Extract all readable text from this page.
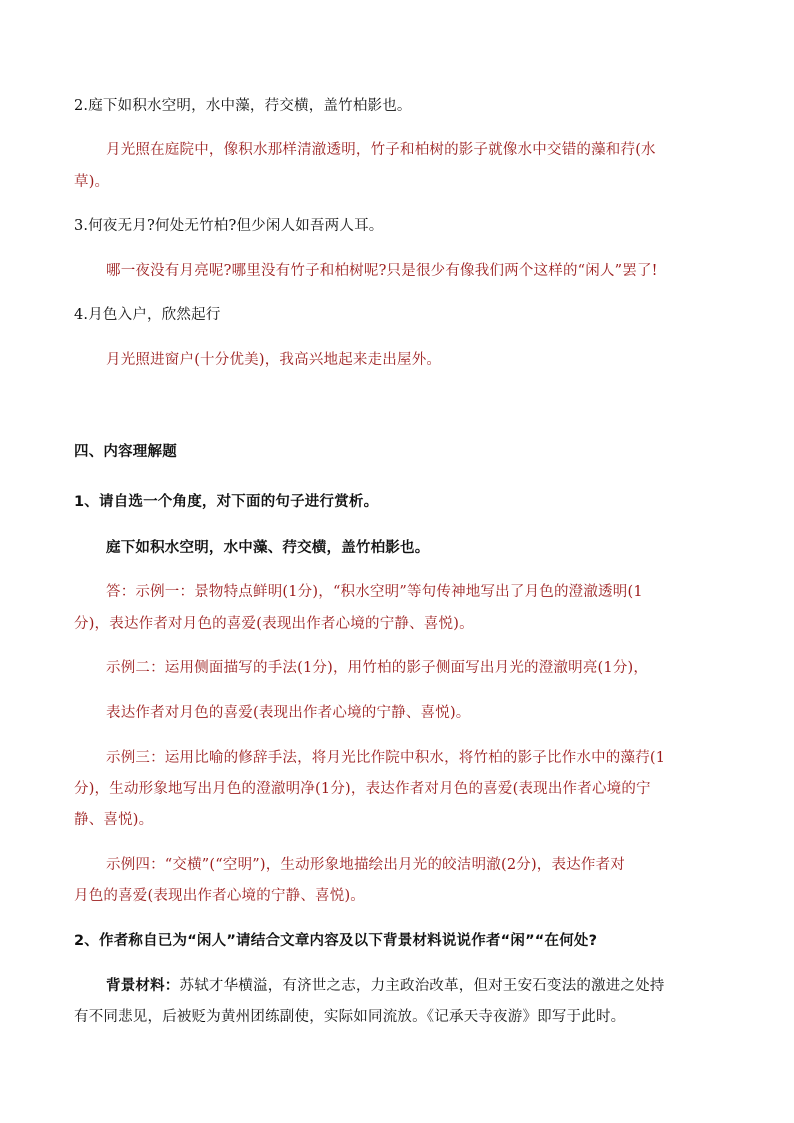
2.庭下如积水空明，水中藻，荇交横，盖竹柏影也。
月光照在庭院中，像积水那样清澈透明，竹子和柏树的影子就像水中交错的藻和荇(水
草)。
3.何夜无月?何处无竹柏?但少闲人如吾两人耳。
哪一夜没有月亮呢?哪里没有竹子和柏树呢?只是很少有像我们两个这样的“闲人”罢了!
4.月色入户，欣然起行
月光照进窗户(十分优美)，我高兴地起来走出屋外。
四、内容理解题
1、请自选一个角度，对下面的句子进行赏析。
庭下如积水空明，水中藻、荇交横，盖竹柏影也。
答：示例一：景物特点鲜明(1分)，“积水空明”等句传神地写出了月色的澄澈透明(1
分)，表达作者对月色的喜爱(表现出作者心境的宁静、喜悦)。
示例二：运用侧面描写的手法(1分)，用竹柏的影子侧面写出月光的澄澈明亮(1分)，
表达作者对月色的喜爱(表现出作者心境的宁静、喜悦)。
示例三：运用比喻的修辞手法，将月光比作院中积水，将竹柏的影子比作水中的藻荇(1
分)，生动形象地写出月色的澄澈明净(1分)，表达作者对月色的喜爱(表现出作者心境的宁
静、喜悦)。
示例四：“交横”(“空明”)，生动形象地描绘出月光的皎洁明澈(2分)，表达作者对
月色的喜爱(表现出作者心境的宁静、喜悦)。
2、作者称自已为“闲人”请结合文章内容及以下背景材料说说作者“闲”“在何处?
背景材料：苏轼才华横溢，有济世之志，力主政治改革，但对王安石变法的激进之处持
有不同悲见，后被贬为黄州团练副使，实际如同流放。《记承天寺夜游》即写于此时。
